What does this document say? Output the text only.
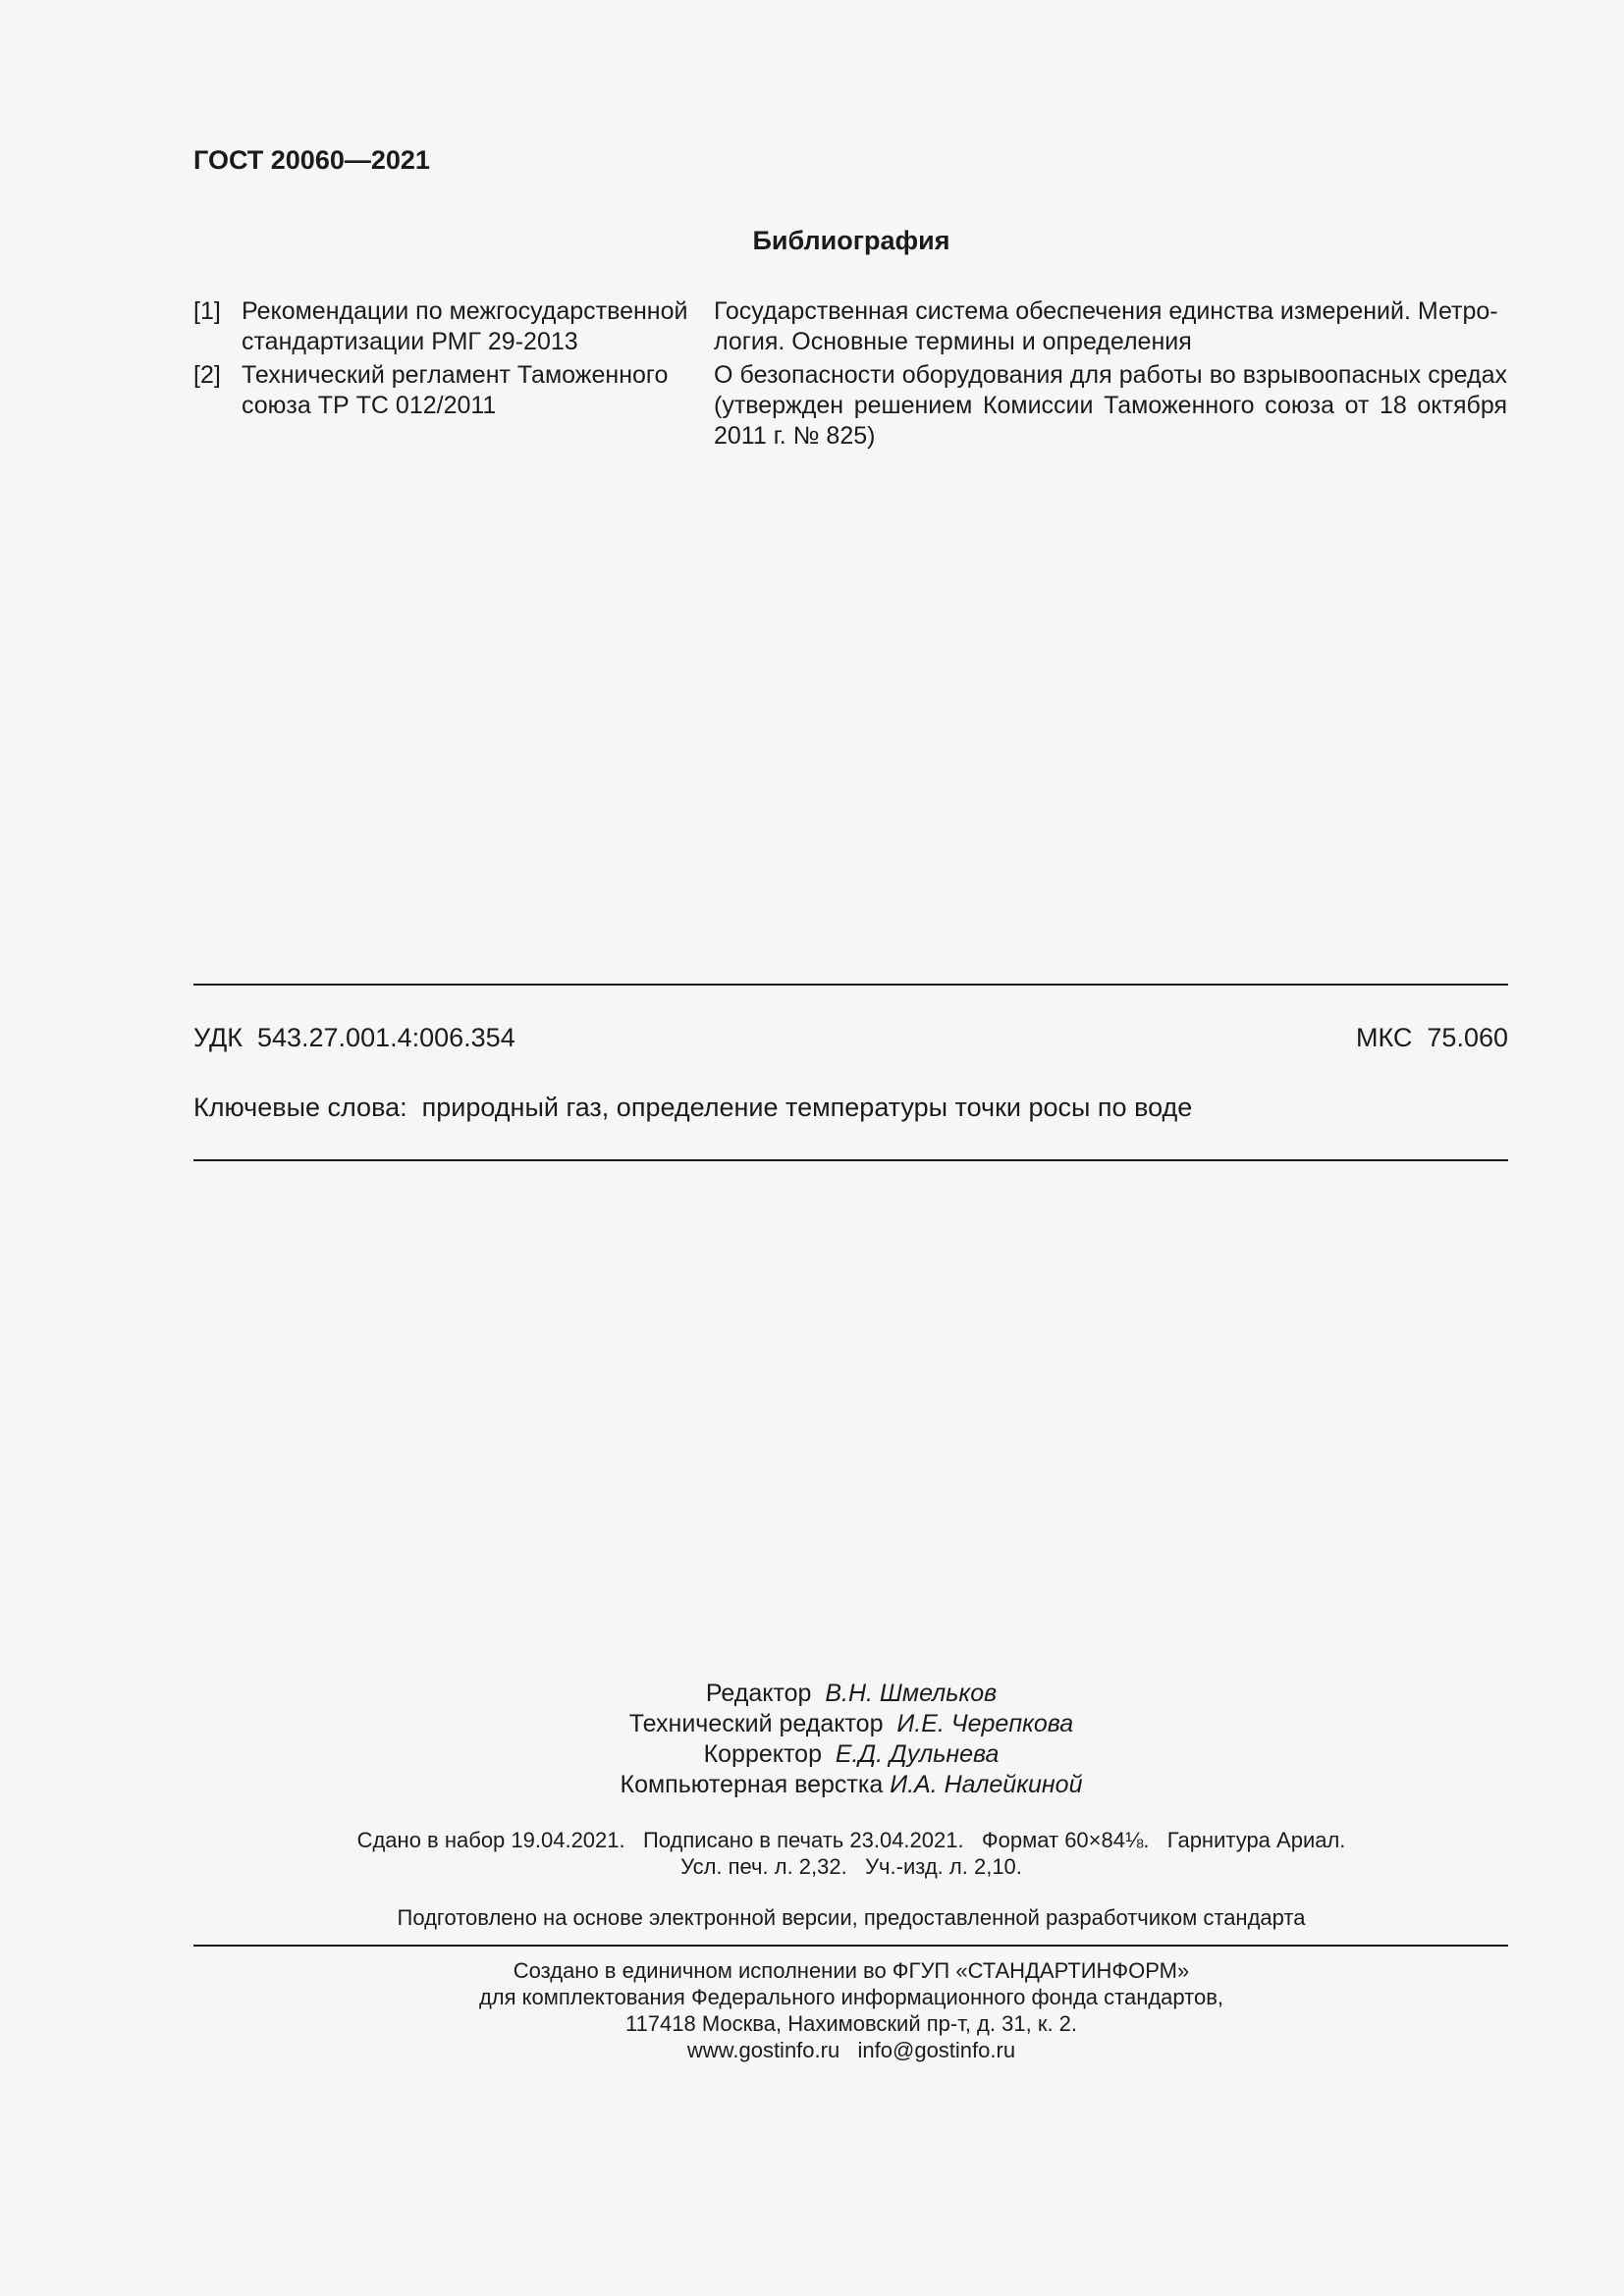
ГОСТ 20060—2021
Библиография
[1] Рекомендации по межгосударственной
стандартизации РМГ 29-2013
Государственная система обеспечения единства измерений. Метро-
логия. Основные термины и определения
[2] Технический регламент Таможенного
союза ТР ТС 012/2011
О безопасности оборудования для работы во взрывоопасных средах (утвержден решением Комиссии Таможенного союза от 18 октября 2011 г. № 825)
УДК 543.27.001.4:006.354	МКС 75.060
Ключевые слова: природный газ, определение температуры точки росы по воде
Редактор В.Н. Шмельков
Технический редактор И.Е. Черепкова
Корректор Е.Д. Дульнева
Компьютерная верстка И.А. Налейкиной
Сдано в набор 19.04.2021.   Подписано в печать 23.04.2021.   Формат 60×84⅛.   Гарнитура Ариал.
Усл. печ. л. 2,32.   Уч.-изд. л. 2,10.
Подготовлено на основе электронной версии, предоставленной разработчиком стандарта
Создано в единичном исполнении во ФГУП «СТАНДАРТИНФОРМ»
для комплектования Федерального информационного фонда стандартов,
117418 Москва, Нахимовский пр-т, д. 31, к. 2.
www.gostinfo.ru   info@gostinfo.ru
